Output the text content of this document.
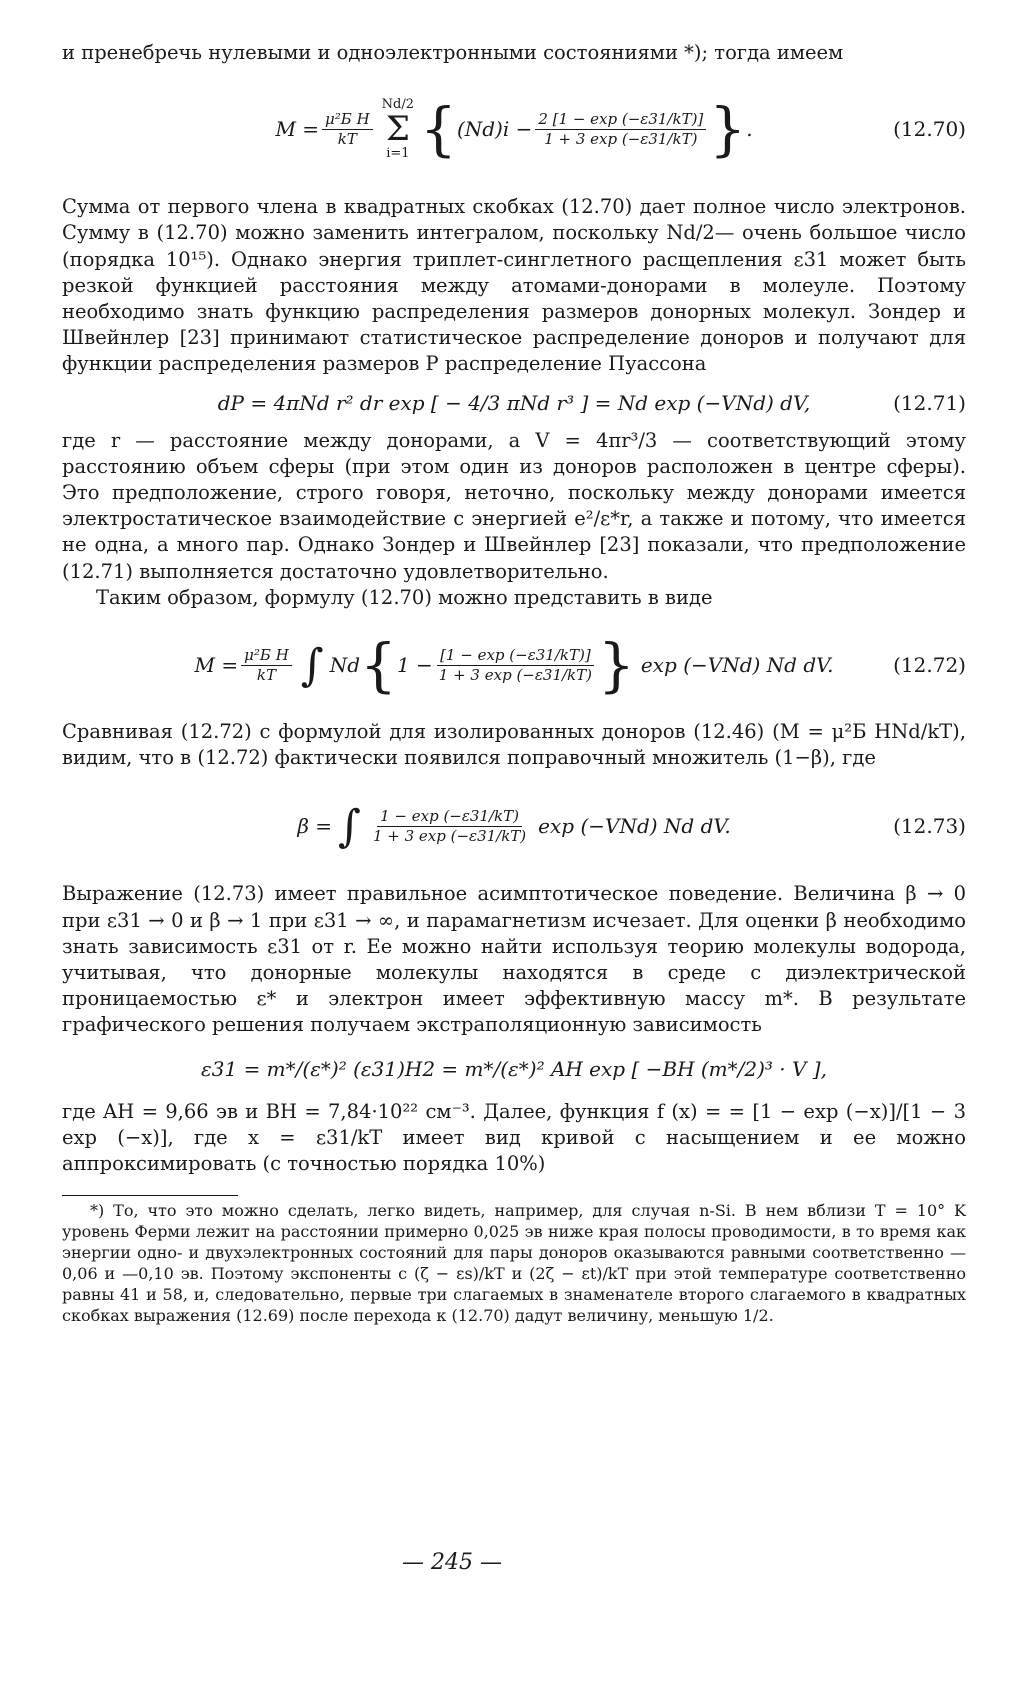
и пренебречь нулевыми и одноэлектронными состояниями *); тогда имеем

$M = \frac{\text{μ²Б H}}{kT}$
Nd/2
Σ
i=1 { $(Nd)i - \frac{2 [1 - \exp (-\varepsilon 31/kT)]}{1 + 3 \exp (-\varepsilon 31/kT)}$ } .	(12.70)

Сумма от первого члена в квадратных скобках (12.70) дает полное число электронов. Сумму в (12.70) можно заменить интегралом, поскольку Nd/2— очень большое число (порядка 10¹⁵). Однако энергия триплет-синглетного расщепления ε31 может быть резкой функцией расстояния между атомами-донорами в молеуле. Поэтому необходимо знать функцию распределения размеров донорных молекул. Зондер и Швейнлер [23] принимают статистическое распределение доноров и получают для функции распределения размеров P распределение Пуассона

dP = 4πNd r² dr exp [ − 4/3 πNd r³ ] = Nd exp (−VNd) dV,	(12.71)

где r — расстояние между донорами, а V = 4πr³/3 — соответствующий этому расстоянию объем сферы (при этом один из доноров расположен в центре сферы). Это предположение, строго говоря, неточно, поскольку между донорами имеется электростатическое взаимодействие с энергией e²/ε*r, а также и потому, что имеется не одна, а много пар. Однако Зондер и Швейнлер [23] показали, что предположение (12.71) выполняется достаточно удовлетворительно.

Таким образом, формулу (12.70) можно представить в виде

$M = \frac{\text{μ²Б H}}{kT}$ ∫ Nd { $1 - \frac{[1 - \exp (-\varepsilon 31/kT)]}{1 + 3 \exp (-\varepsilon 31/kT)}$ } exp (−VNd) Nd dV.	(12.72)

Сравнивая (12.72) с формулой для изолированных доноров (12.46) (M = μ²Б HNd/kT), видим, что в (12.72) фактически появился поправочный множитель (1−β), где

β = ∫ $\frac{1 - \exp (-\varepsilon 31/kT)}{1 + 3 \exp (-\varepsilon 31/kT)}$ exp (−VNd) Nd dV.	(12.73)

Выражение (12.73) имеет правильное асимптотическое поведение. Величина β → 0 при ε31 → 0 и β → 1 при ε31 → ∞, и парамагнетизм исчезает. Для оценки β необходимо знать зависимость ε31 от r. Ее можно найти используя теорию молекулы водорода, учитывая, что донорные молекулы находятся в среде с диэлектрической проницаемостью ε* и электрон имеет эффективную массу m*. В результате графического решения получаем экстраполяционную зависимость

ε31 = m*/(ε*)² (ε31)H2 = m*/(ε*)² AH exp [ −BH (m*/2)³ · V ],

где AH = 9,66 эв и BH = 7,84·10²² см⁻³. Далее, функция f (x) = = [1 − exp (−x)]/[1 − 3 exp (−x)], где x = ε31/kT имеет вид кривой с насыщением и ее можно аппроксимировать (с точностью порядка 10%)

*) То, что это можно сделать, легко видеть, например, для случая n-Si. В нем вблизи T = 10° K уровень Ферми лежит на расстоянии примерно 0,025 эв ниже края полосы проводимости, в то время как энергии одно- и двухэлектронных состояний для пары доноров оказываются равными соответственно —0,06 и —0,10 эв. Поэтому экспоненты с (ζ − εs)/kT и (2ζ − εt)/kT при этой температуре соответственно равны 41 и 58, и, следовательно, первые три слагаемых в знаменателе второго слагаемого в квадратных скобках выражения (12.69) после перехода к (12.70) дадут величину, меньшую 1/2.

— 245 —
